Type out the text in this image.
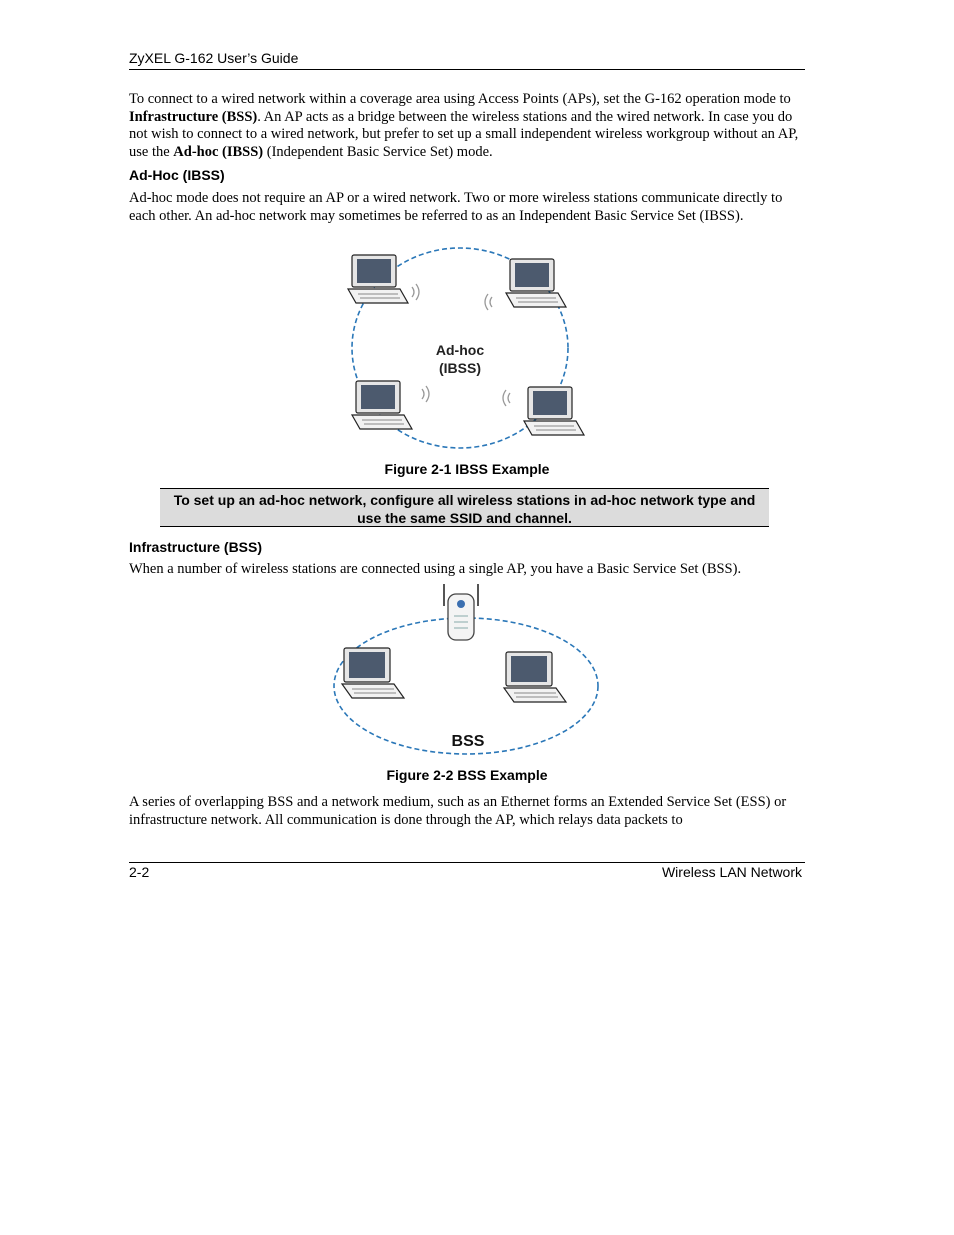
ZyXEL G-162 User’s Guide
To connect to a wired network within a coverage area using Access Points (APs), set the G-162 operation mode to Infrastructure (BSS). An AP acts as a bridge between the wireless stations and the wired network. In case you do not wish to connect to a wired network, but prefer to set up a small independent wireless workgroup without an AP, use the Ad-hoc (IBSS) (Independent Basic Service Set) mode.
Ad-Hoc (IBSS)
Ad-hoc mode does not require an AP or a wired network. Two or more wireless stations communicate directly to each other. An ad-hoc network may sometimes be referred to as an Independent Basic Service Set (IBSS).
Ad-hoc
(IBSS)
Figure 2-1 IBSS Example
To set up an ad-hoc network, configure all wireless stations in ad-hoc network type and use the same SSID and channel.
Infrastructure (BSS)
When a number of wireless stations are connected using a single AP, you have a Basic Service Set (BSS).
BSS
Figure 2-2 BSS Example
A series of overlapping BSS and a network medium, such as an Ethernet forms an Extended Service Set (ESS) or infrastructure network. All communication is done through the AP, which relays data packets to
2-2	Wireless LAN Network
